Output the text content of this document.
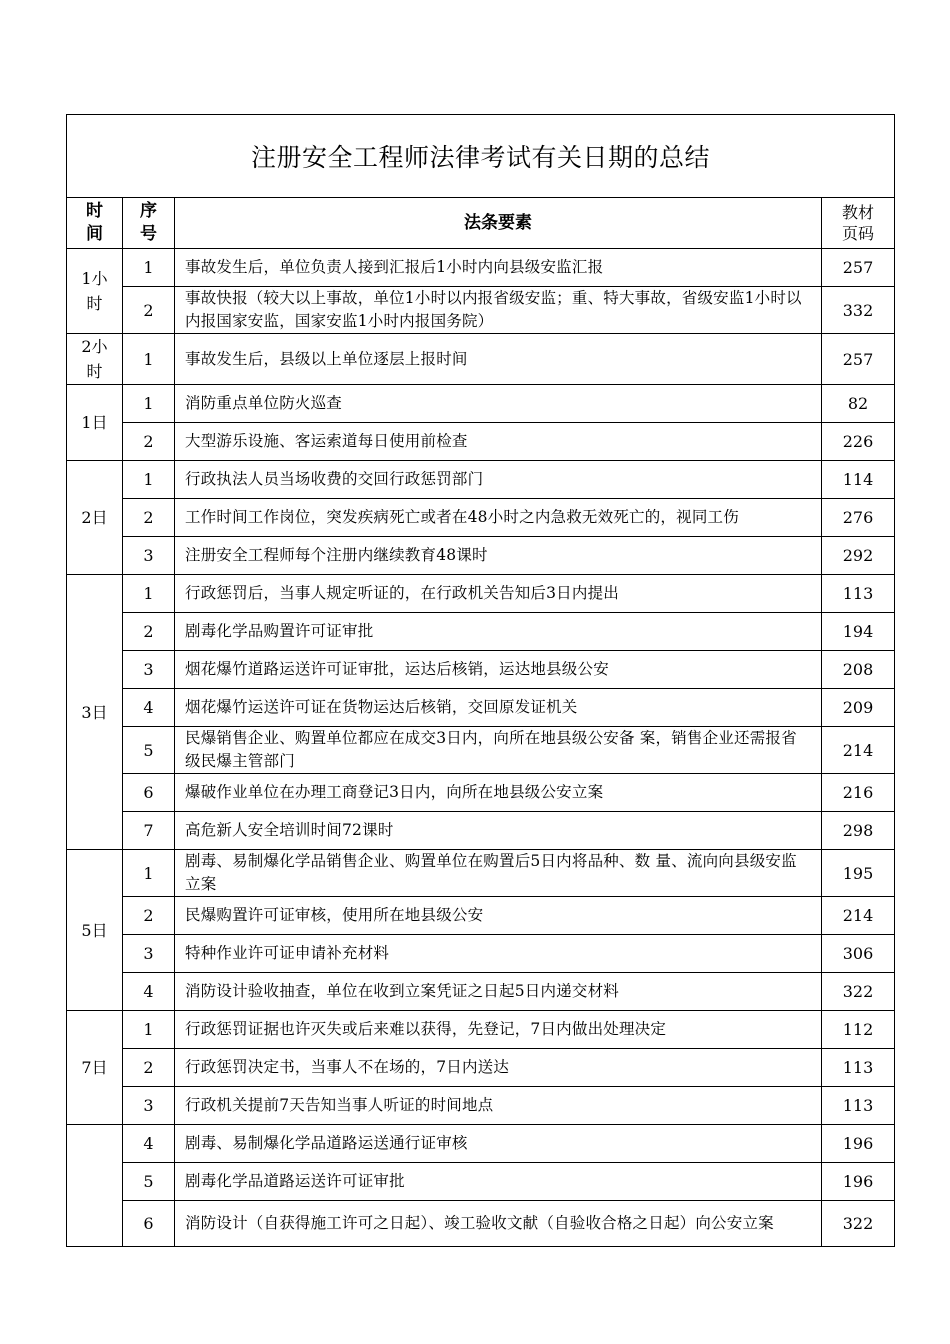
注册安全工程师法律考试有关日期的总结			
时间	序号	法条要素	教材页码
1小时	1	事故发生后，单位负责人接到汇报后1小时内向县级安监汇报	257
	2	事故快报（较大以上事故，单位1小时以内报省级安监；重、特大事故，省级安监1小时以内报国家安监，国家安监1小时内报国务院）	332
2小时	1	事故发生后，县级以上单位逐层上报时间	257
1日	1	消防重点单位防火巡查	82
	2	大型游乐设施、客运索道每日使用前检查	226
2日	1	行政执法人员当场收费的交回行政惩罚部门	114
	2	工作时间工作岗位，突发疾病死亡或者在48小时之内急救无效死亡的，视同工伤	276
	3	注册安全工程师每个注册内继续教育48课时	292
3日	1	行政惩罚后，当事人规定听证的，在行政机关告知后3日内提出	113
	2	剧毒化学品购置许可证审批	194
	3	烟花爆竹道路运送许可证审批，运达后核销，运达地县级公安	208
	4	烟花爆竹运送许可证在货物运达后核销，交回原发证机关	209
	5	民爆销售企业、购置单位都应在成交3日内，向所在地县级公安备 案，销售企业还需报省级民爆主管部门	214
	6	爆破作业单位在办理工商登记3日内，向所在地县级公安立案	216
	7	高危新人安全培训时间72课时	298
5日	1	剧毒、易制爆化学品销售企业、购置单位在购置后5日内将品种、数 量、流向向县级安监立案	195
	2	民爆购置许可证审核，使用所在地县级公安	214
	3	特种作业许可证申请补充材料	306
	4	消防设计验收抽查，单位在收到立案凭证之日起5日内递交材料	322
7日	1	行政惩罚证据也许灭失或后来难以获得，先登记，7日内做出处理决定	112
	2	行政惩罚决定书，当事人不在场的，7日内送达	113
	3	行政机关提前7天告知当事人听证的时间地点	113
	4	剧毒、易制爆化学品道路运送通行证审核	196
	5	剧毒化学品道路运送许可证审批	196
	6	消防设计（自获得施工许可之日起）、竣工验收文献（自验收合格之日起）向公安立案	322
